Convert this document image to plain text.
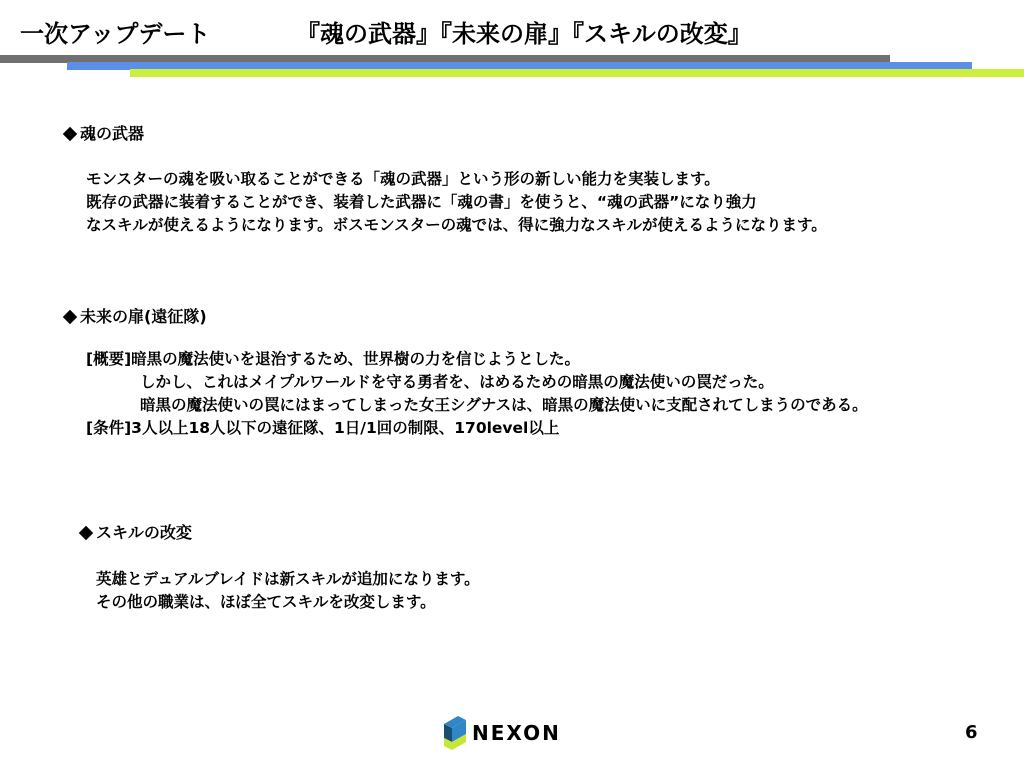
一次アップデート	『魂の武器』『未来の扉』『スキルの改変』
魂の武器
モンスターの魂を吸い取ることができる「魂の武器」という形の新しい能力を実装します。
既存の武器に装着することができ、装着した武器に「魂の書」を使うと、“魂の武器”になり強力
なスキルが使えるようになります。ボスモンスターの魂では、得に強力なスキルが使えるようになります。
未来の扉(遠征隊)
[概要]暗黒の魔法使いを退治するため、世界樹の力を信じようとした。
しかし、これはメイプルワールドを守る勇者を、はめるための暗黒の魔法使いの罠だった。
暗黒の魔法使いの罠にはまってしまった女王シグナスは、暗黒の魔法使いに支配されてしまうのである。
[条件]3人以上18人以下の遠征隊、1日/1回の制限、170level以上
スキルの改変
英雄とデュアルブレイドは新スキルが追加になります。
その他の職業は、ほぼ全てスキルを改変します。
NEXON	6
